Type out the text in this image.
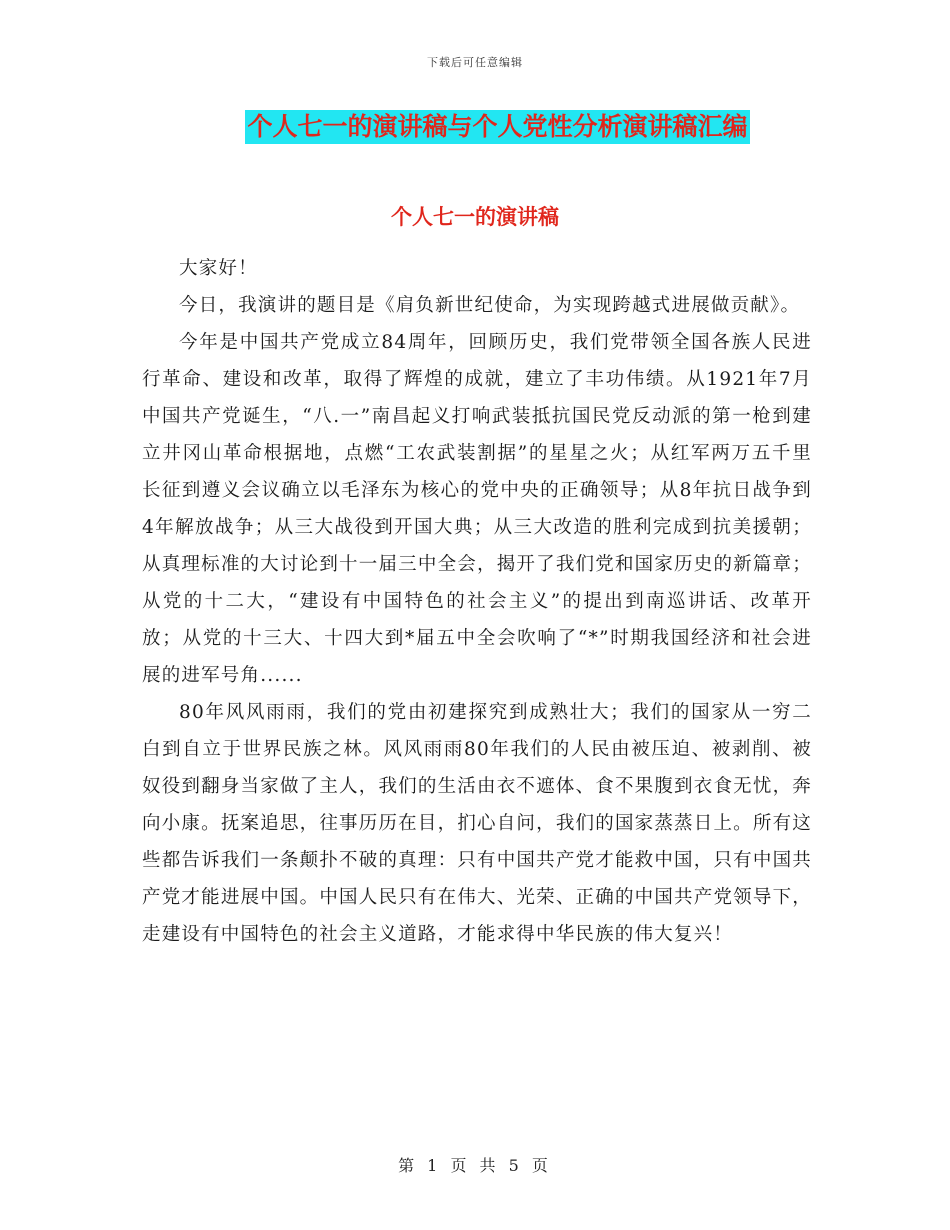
下载后可任意编辑
个人七一的演讲稿与个人党性分析演讲稿汇编
个人七一的演讲稿

大家好！

今日，我演讲的题目是《肩负新世纪使命，为实现跨越式进展做贡献》。

今年是中国共产党成立84周年，回顾历史，我们党带领全国各族人民进行革命、建设和改革，取得了辉煌的成就，建立了丰功伟绩。从1921年7月中国共产党诞生，“八.一”南昌起义打响武装抵抗国民党反动派的第一枪到建立井冈山革命根据地，点燃“工农武装割据”的星星之火；从红军两万五千里长征到遵义会议确立以毛泽东为核心的党中央的正确领导；从8年抗日战争到4年解放战争；从三大战役到开国大典；从三大改造的胜利完成到抗美援朝；从真理标准的大讨论到十一届三中全会，揭开了我们党和国家历史的新篇章；从党的十二大，“建设有中国特色的社会主义”的提出到南巡讲话、改革开放；从党的十三大、十四大到*届五中全会吹响了“*”时期我国经济和社会进展的进军号角......

80年风风雨雨，我们的党由初建探究到成熟壮大；我们的国家从一穷二白到自立于世界民族之林。风风雨雨80年我们的人民由被压迫、被剥削、被奴役到翻身当家做了主人，我们的生活由衣不遮体、食不果腹到衣食无忧，奔向小康。抚案追思，往事历历在目，扪心自问，我们的国家蒸蒸日上。所有这些都告诉我们一条颠扑不破的真理：只有中国共产党才能救中国，只有中国共产党才能进展中国。中国人民只有在伟大、光荣、正确的中国共产党领导下，走建设有中国特色的社会主义道路，才能求得中华民族的伟大复兴！

第 1 页 共 5 页
